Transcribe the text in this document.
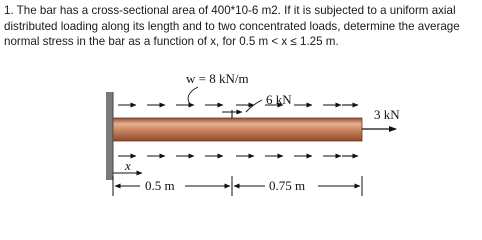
1. The bar has a cross-sectional area of 400*10-6 m2. If it is subjected to a uniform axial
distributed loading along its length and to two concentrated loads, determine the average
normal stress in the bar as a function of x, for 0.5 m < x ≤ 1.25 m.
6 kN
w = 8 kN/m
3 kN
x
0.5 m	0.75 m
